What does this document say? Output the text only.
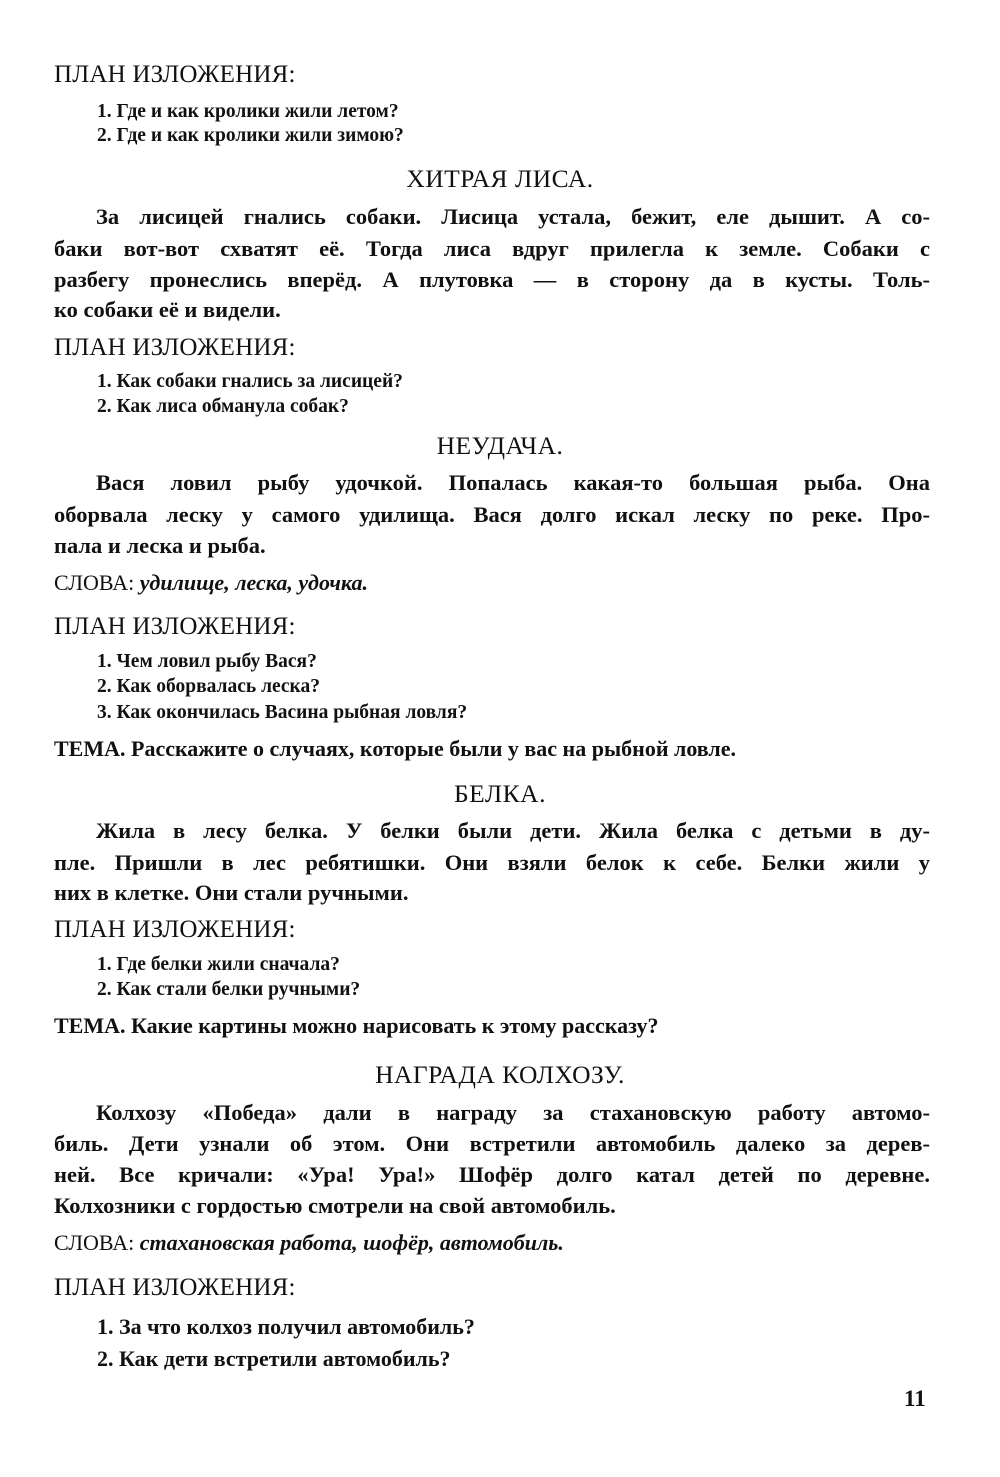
ПЛАН ИЗЛОЖЕНИЯ:
1. Где и как кролики жили летом?
2. Где и как кролики жили зимою?
ХИТРАЯ ЛИСА.
За лисицей гнались собаки. Лисица устала, бежит, еле дышит. А со-
баки вот-вот схватят её. Тогда лиса вдруг прилегла к земле. Собаки с
разбегу пронеслись вперёд. А плутовка — в сторону да в кусты. Толь-
ко собаки её и видели.
ПЛАН ИЗЛОЖЕНИЯ:
1. Как собаки гнались за лисицей?
2. Как лиса обманула собак?
НЕУДАЧА.
Вася ловил рыбу удочкой. Попалась какая-то большая рыба. Она
оборвала леску у самого удилища. Вася долго искал леску по реке. Про-
пала и леска и рыба.
СЛОВА: удилище, леска, удочка.
ПЛАН ИЗЛОЖЕНИЯ:
1. Чем ловил рыбу Вася?
2. Как оборвалась леска?
3. Как окончилась Васина рыбная ловля?
ТЕМА. Расскажите о случаях, которые были у вас на рыбной ловле.
БЕЛКА.
Жила в лесу белка. У белки были дети. Жила белка с детьми в ду-
пле. Пришли в лес ребятишки. Они взяли белок к себе. Белки жили у
них в клетке. Они стали ручными.
ПЛАН ИЗЛОЖЕНИЯ:
1. Где белки жили сначала?
2. Как стали белки ручными?
ТЕМА. Какие картины можно нарисовать к этому рассказу?
НАГРАДА КОЛХОЗУ.
Колхозу «Победа» дали в награду за стахановскую работу автомо-
биль. Дети узнали об этом. Они встретили автомобиль далеко за дерев-
ней. Все кричали: «Ура! Ура!» Шофёр долго катал детей по деревне.
Колхозники с гордостью смотрели на свой автомобиль.
СЛОВА: стахановская работа, шофёр, автомобиль.
ПЛАН ИЗЛОЖЕНИЯ:
1. За что колхоз получил автомобиль?
2. Как дети встретили автомобиль?
11
